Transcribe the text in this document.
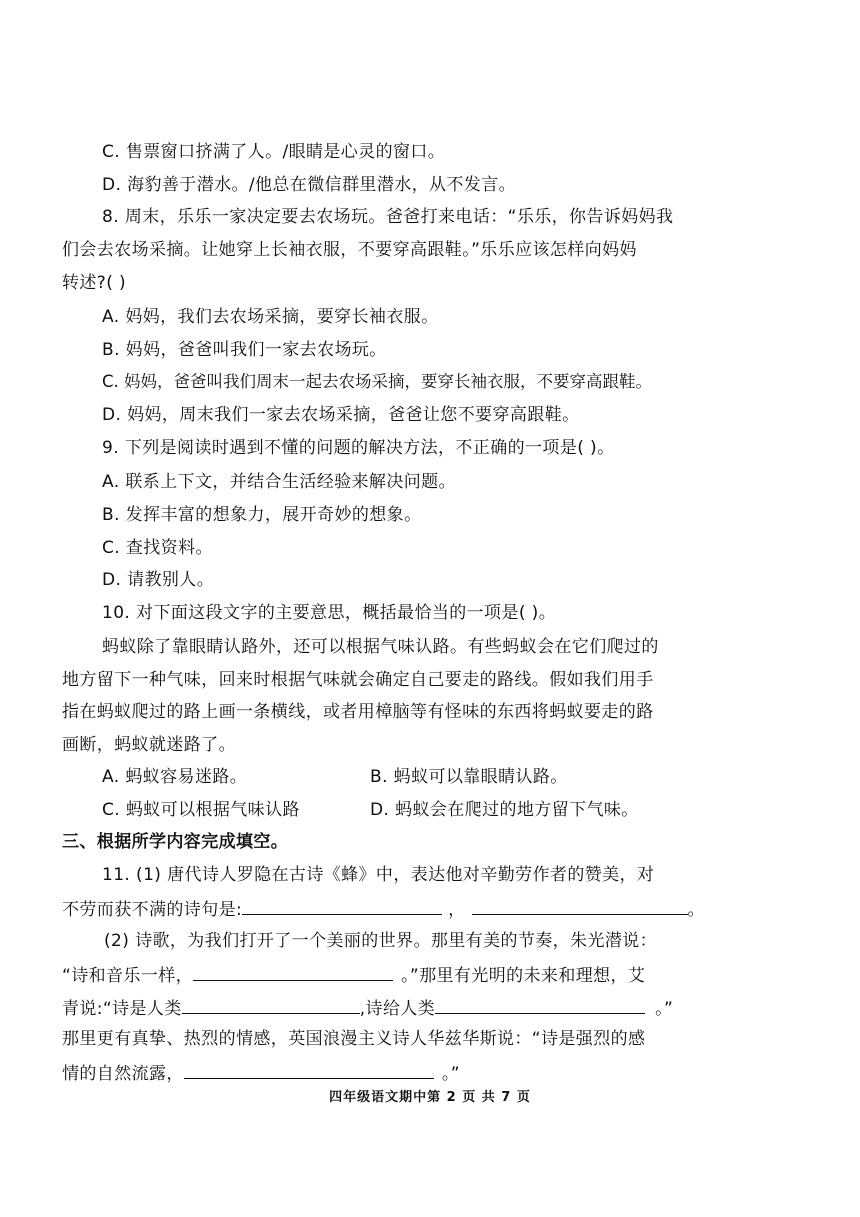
C. 售票窗口挤满了人。/眼睛是心灵的窗口。
D. 海豹善于潜水。/他总在微信群里潜水，从不发言。
8. 周末，乐乐一家决定要去农场玩。爸爸打来电话：“乐乐，你告诉妈妈我
们会去农场采摘。让她穿上长袖衣服，不要穿高跟鞋。”乐乐应该怎样向妈妈
转述?( )
A. 妈妈，我们去农场采摘，要穿长袖衣服。
B. 妈妈，爸爸叫我们一家去农场玩。
C. 妈妈，爸爸叫我们周末一起去农场采摘，要穿长袖衣服，不要穿高跟鞋。
D. 妈妈，周末我们一家去农场采摘，爸爸让您不要穿高跟鞋。
9. 下列是阅读时遇到不懂的问题的解决方法，不正确的一项是( )。
A. 联系上下文，并结合生活经验来解决问题。
B. 发挥丰富的想象力，展开奇妙的想象。
C. 查找资料。
D. 请教别人。
10. 对下面这段文字的主要意思，概括最恰当的一项是( )。
蚂蚁除了靠眼睛认路外，还可以根据气味认路。有些蚂蚁会在它们爬过的
地方留下一种气味，回来时根据气味就会确定自己要走的路线。假如我们用手
指在蚂蚁爬过的路上画一条横线，或者用樟脑等有怪味的东西将蚂蚁要走的路
画断，蚂蚁就迷路了。
A. 蚂蚁容易迷路。	B. 蚂蚁可以靠眼睛认路。
C. 蚂蚁可以根据气味认路	D. 蚂蚁会在爬过的地方留下气味。
三、根据所学内容完成填空。
11. (1) 唐代诗人罗隐在古诗《蜂》中，表达他对辛勤劳作者的赞美，对
不劳而获不满的诗句是:	，	。
(2) 诗歌，为我们打开了一个美丽的世界。那里有美的节奏，朱光潜说：
“诗和音乐一样，	。”那里有光明的未来和理想，艾
青说:“诗是人类	,诗给人类	。”
那里更有真挚、热烈的情感，英国浪漫主义诗人华兹华斯说：“诗是强烈的感
情的自然流露，	。”
四年级语文期中第 2 页 共 7 页
